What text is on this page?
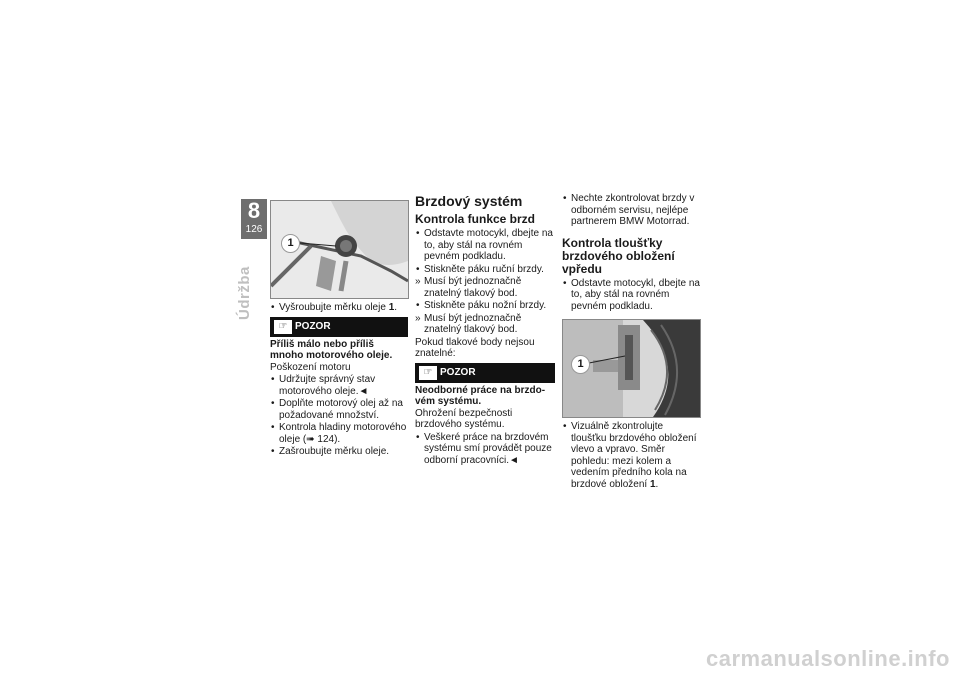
8
126
Údržba
1
• Vyšroubujte měrku oleje 1.
☞ POZOR
Příliš málo nebo příliš mnoho motorového oleje.
Poškození motoru
• Udržujte správný stav motorového oleje.◄
• Doplňte motorový olej až na požadované množství.
• Kontrola hladiny motorového oleje (➠ 124).
• Zašroubujte měrku oleje.
Brzdový systém
Kontrola funkce brzd
• Odstavte motocykl, dbejte na to, aby stál na rovném pevném podkladu.
• Stiskněte páku ruční brzdy.
» Musí být jednoznačně znatelný tlakový bod.
• Stiskněte páku nožní brzdy.
» Musí být jednoznačně znatelný tlakový bod.
Pokud tlakové body nejsou znatelné:
☞ POZOR
Neodborné práce na brzdovém systému.
Ohrožení bezpečnosti brzdového systému.
• Veškeré práce na brzdovém systému smí provádět pouze odborní pracovníci.◄
• Nechte zkontrolovat brzdy v odborném servisu, nejlépe partnerem BMW Motorrad.
Kontrola tloušťky brzdového obložení vpředu
• Odstavte motocykl, dbejte na to, aby stál na rovném pevném podkladu.
1
• Vizuálně zkontrolujte tloušťku brzdového obložení vlevo a vpravo. Směr pohledu: mezi kolem a vedením předního kola na brzdové obložení 1.
carmanualsonline.info
